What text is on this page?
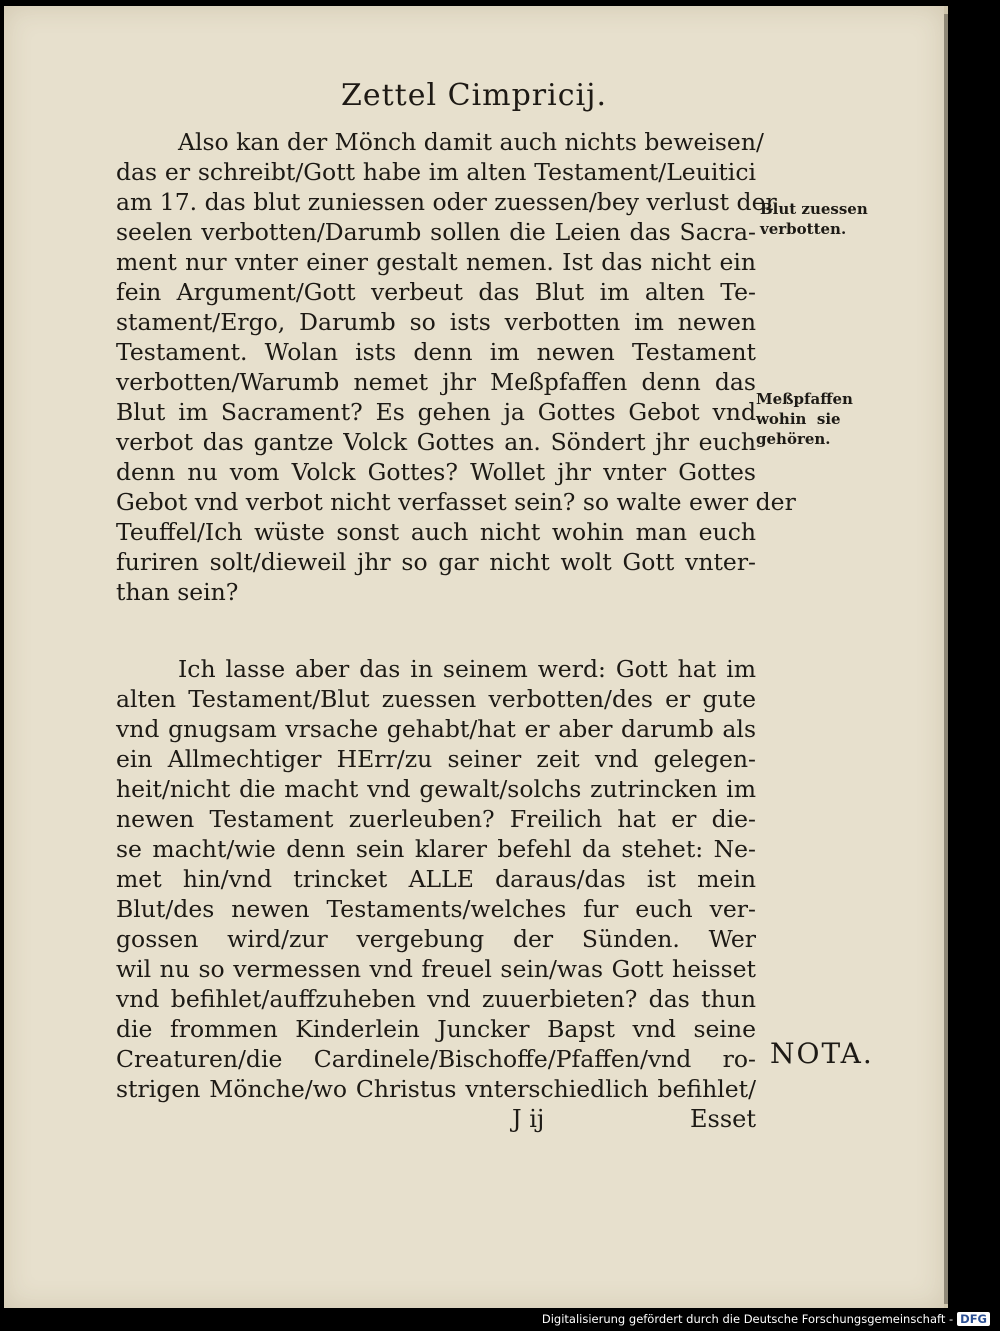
Zettel Cimpricij.
Also kan der Mönch damit auch nichts beweisen/
das er schreibt/Gott habe im alten Testament/Leuitici
am 17. das blut zuniessen oder zuessen/bey verlust der
seelen verbotten/Darumb sollen die Leien das Sacra-
ment nur vnter einer gestalt nemen. Ist das nicht ein
fein Argument/Gott verbeut das Blut im alten Te-
stament/Ergo, Darumb so ists verbotten im newen
Testament. Wolan ists denn im newen Testament
verbotten/Warumb nemet jhr Meßpfaffen denn das
Blut im Sacrament? Es gehen ja Gottes Gebot vnd
verbot das gantze Volck Gottes an. Söndert jhr euch
denn nu vom Volck Gottes? Wollet jhr vnter Gottes
Gebot vnd verbot nicht verfasset sein? so walte ewer der
Teuffel/Ich wüste sonst auch nicht wohin man euch
furiren solt/dieweil jhr so gar nicht wolt Gott vnter-
than sein?
Ich lasse aber das in seinem werd: Gott hat im
alten Testament/Blut zuessen verbotten/des er gute
vnd gnugsam vrsache gehabt/hat er aber darumb als
ein Allmechtiger HErr/zu seiner zeit vnd gelegen-
heit/nicht die macht vnd gewalt/solchs zutrincken im
newen Testament zuerleuben? Freilich hat er die-
se macht/wie denn sein klarer befehl da stehet: Ne-
met hin/vnd trincket ALLE daraus/das ist mein
Blut/des newen Testaments/welches fur euch ver-
gossen wird/zur vergebung der Sünden. Wer
wil nu so vermessen vnd freuel sein/was Gott heisset
vnd befihlet/auffzuheben vnd zuuerbieten? das thun
die frommen Kinderlein Juncker Bapst vnd seine
Creaturen/die Cardinele/Bischoffe/Pfaffen/vnd ro-
strigen Mönche/wo Christus vnterschiedlich befihlet/
Blut zuessen
verbotten.
Meßpfaffen
wohin  sie
gehören.
NOTA.
J ij	Esset
Digitalisierung gefördert durch die Deutsche Forschungsgemeinschaft - DFG
